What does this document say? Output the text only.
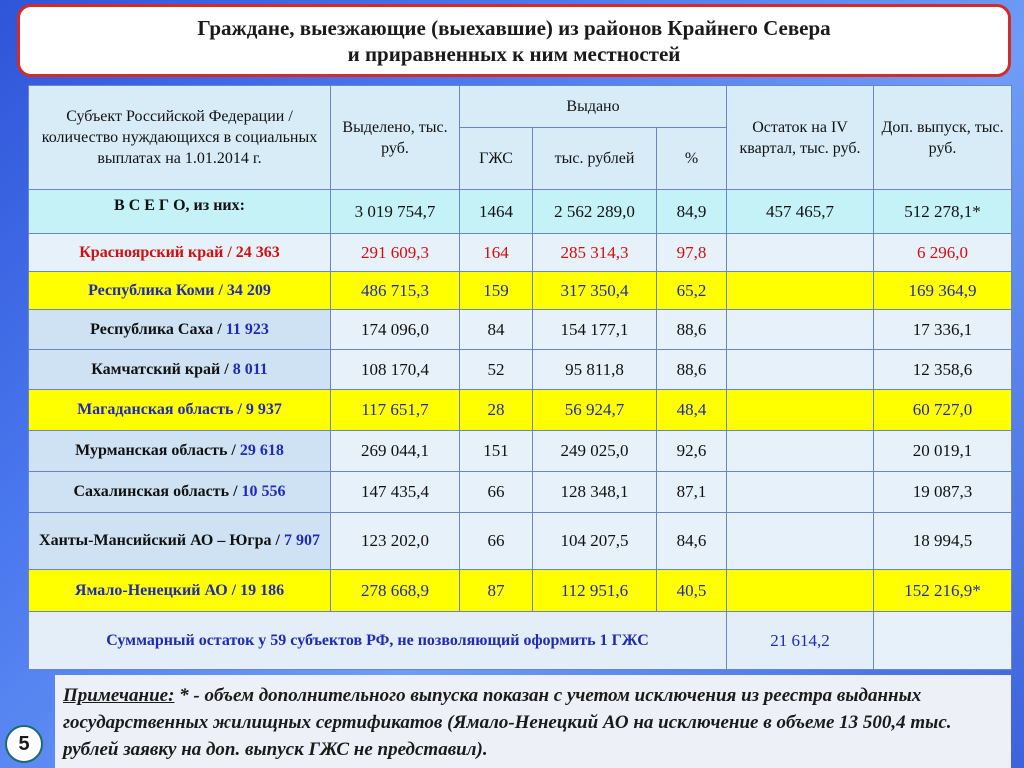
Граждане, выезжающие (выехавшие) из районов Крайнего Севера
и приравненных к ним местностей
Субъект Российской Федерации / количество нуждающихся в социальных выплатах на 1.01.2014 г.	Выделено, тыс. руб.	Выдано			Остаток на IV квартал, тыс. руб.	Доп. выпуск, тыс. руб.
		ГЖС	тыс. рублей	%		
В С Е Г О, из них:	3 019 754,7	1464	2 562 289,0	84,9	457 465,7	512 278,1*
Красноярский край / 24 363	291 609,3	164	285 314,3	97,8		6 296,0
Республика Коми / 34 209	486 715,3	159	317 350,4	65,2		169 364,9
Республика Саха / 11 923	174 096,0	84	154 177,1	88,6		17 336,1
Камчатский край / 8 011	108 170,4	52	95 811,8	88,6		12 358,6
Магаданская область / 9 937	117 651,7	28	56 924,7	48,4		60 727,0
Мурманская область / 29 618	269 044,1	151	249 025,0	92,6		20 019,1
Сахалинская область / 10 556	147 435,4	66	128 348,1	87,1		19 087,3
Ханты-Мансийский АО – Югра / 7 907	123 202,0	66	104 207,5	84,6		18 994,5
Ямало-Ненецкий АО / 19 186	278 668,9	87	112 951,6	40,5		152 216,9*
Суммарный остаток у 59 субъектов РФ, не позволяющий оформить 1 ГЖС					21 614,2	
Примечание: * - объем дополнительного выпуска показан с учетом исключения из реестра выданных государственных жилищных сертификатов (Ямало-Ненецкий АО на исключение в объеме 13 500,4 тыс. рублей заявку на доп. выпуск ГЖС не представил).
5
